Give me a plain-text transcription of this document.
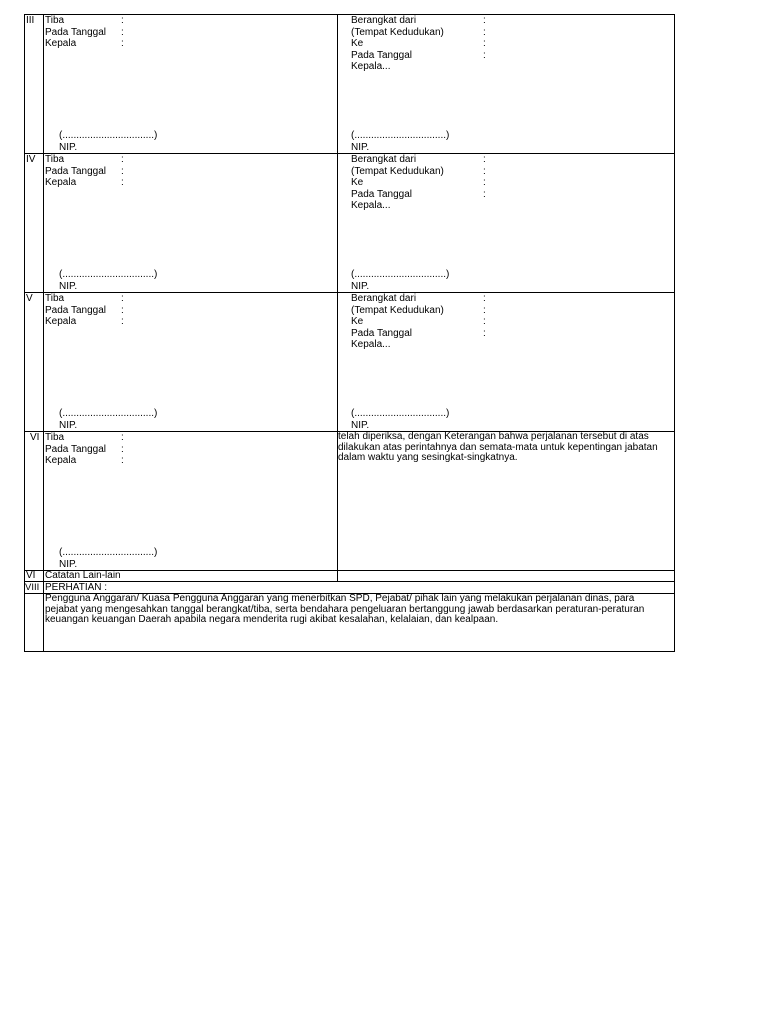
III	Tiba	:
Pada Tanggal :
Kepala	:
(.................................)
NIP.
Berangkat dari	:
(Tempat Kedudukan)	:
Ke	:
Pada Tanggal	:
Kepala...
(.................................)
NIP.
IV Tiba	:
Pada Tanggal :
Kepala	:
(.................................)
NIP.
Berangkat dari	:
(Tempat Kedudukan)	:
Ke	:
Pada Tanggal	:
Kepala...
(.................................)
NIP.
V	Tiba	:
Pada Tanggal :
Kepala	:
(.................................)
NIP.
Berangkat dari	:
(Tempat Kedudukan)	:
Ke	:
Pada Tanggal	:
Kepala...
(.................................)
NIP.
VI Tiba	:
Pada Tanggal :
Kepala	:
(.................................)
NIP.
telah diperiksa, dengan Keterangan bahwa perjalanan tersebut di atas dilakukan atas perintahnya dan semata-mata untuk kepentingan jabatan dalam waktu yang sesingkat-singkatnya.
VI Catatan Lain-lain
VIII PERHATIAN :
Pengguna Anggaran/ Kuasa Pengguna Anggaran yang menerbitkan SPD, Pejabat/ pihak lain yang melakukan perjalanan dinas, para pejabat yang mengesahkan tanggal berangkat/tiba, serta bendahara pengeluaran bertanggung jawab berdasarkan peraturan-peraturan keuangan keuangan Daerah apabila negara menderita rugi akibat kesalahan, kelalaian, dan kealpaan.
